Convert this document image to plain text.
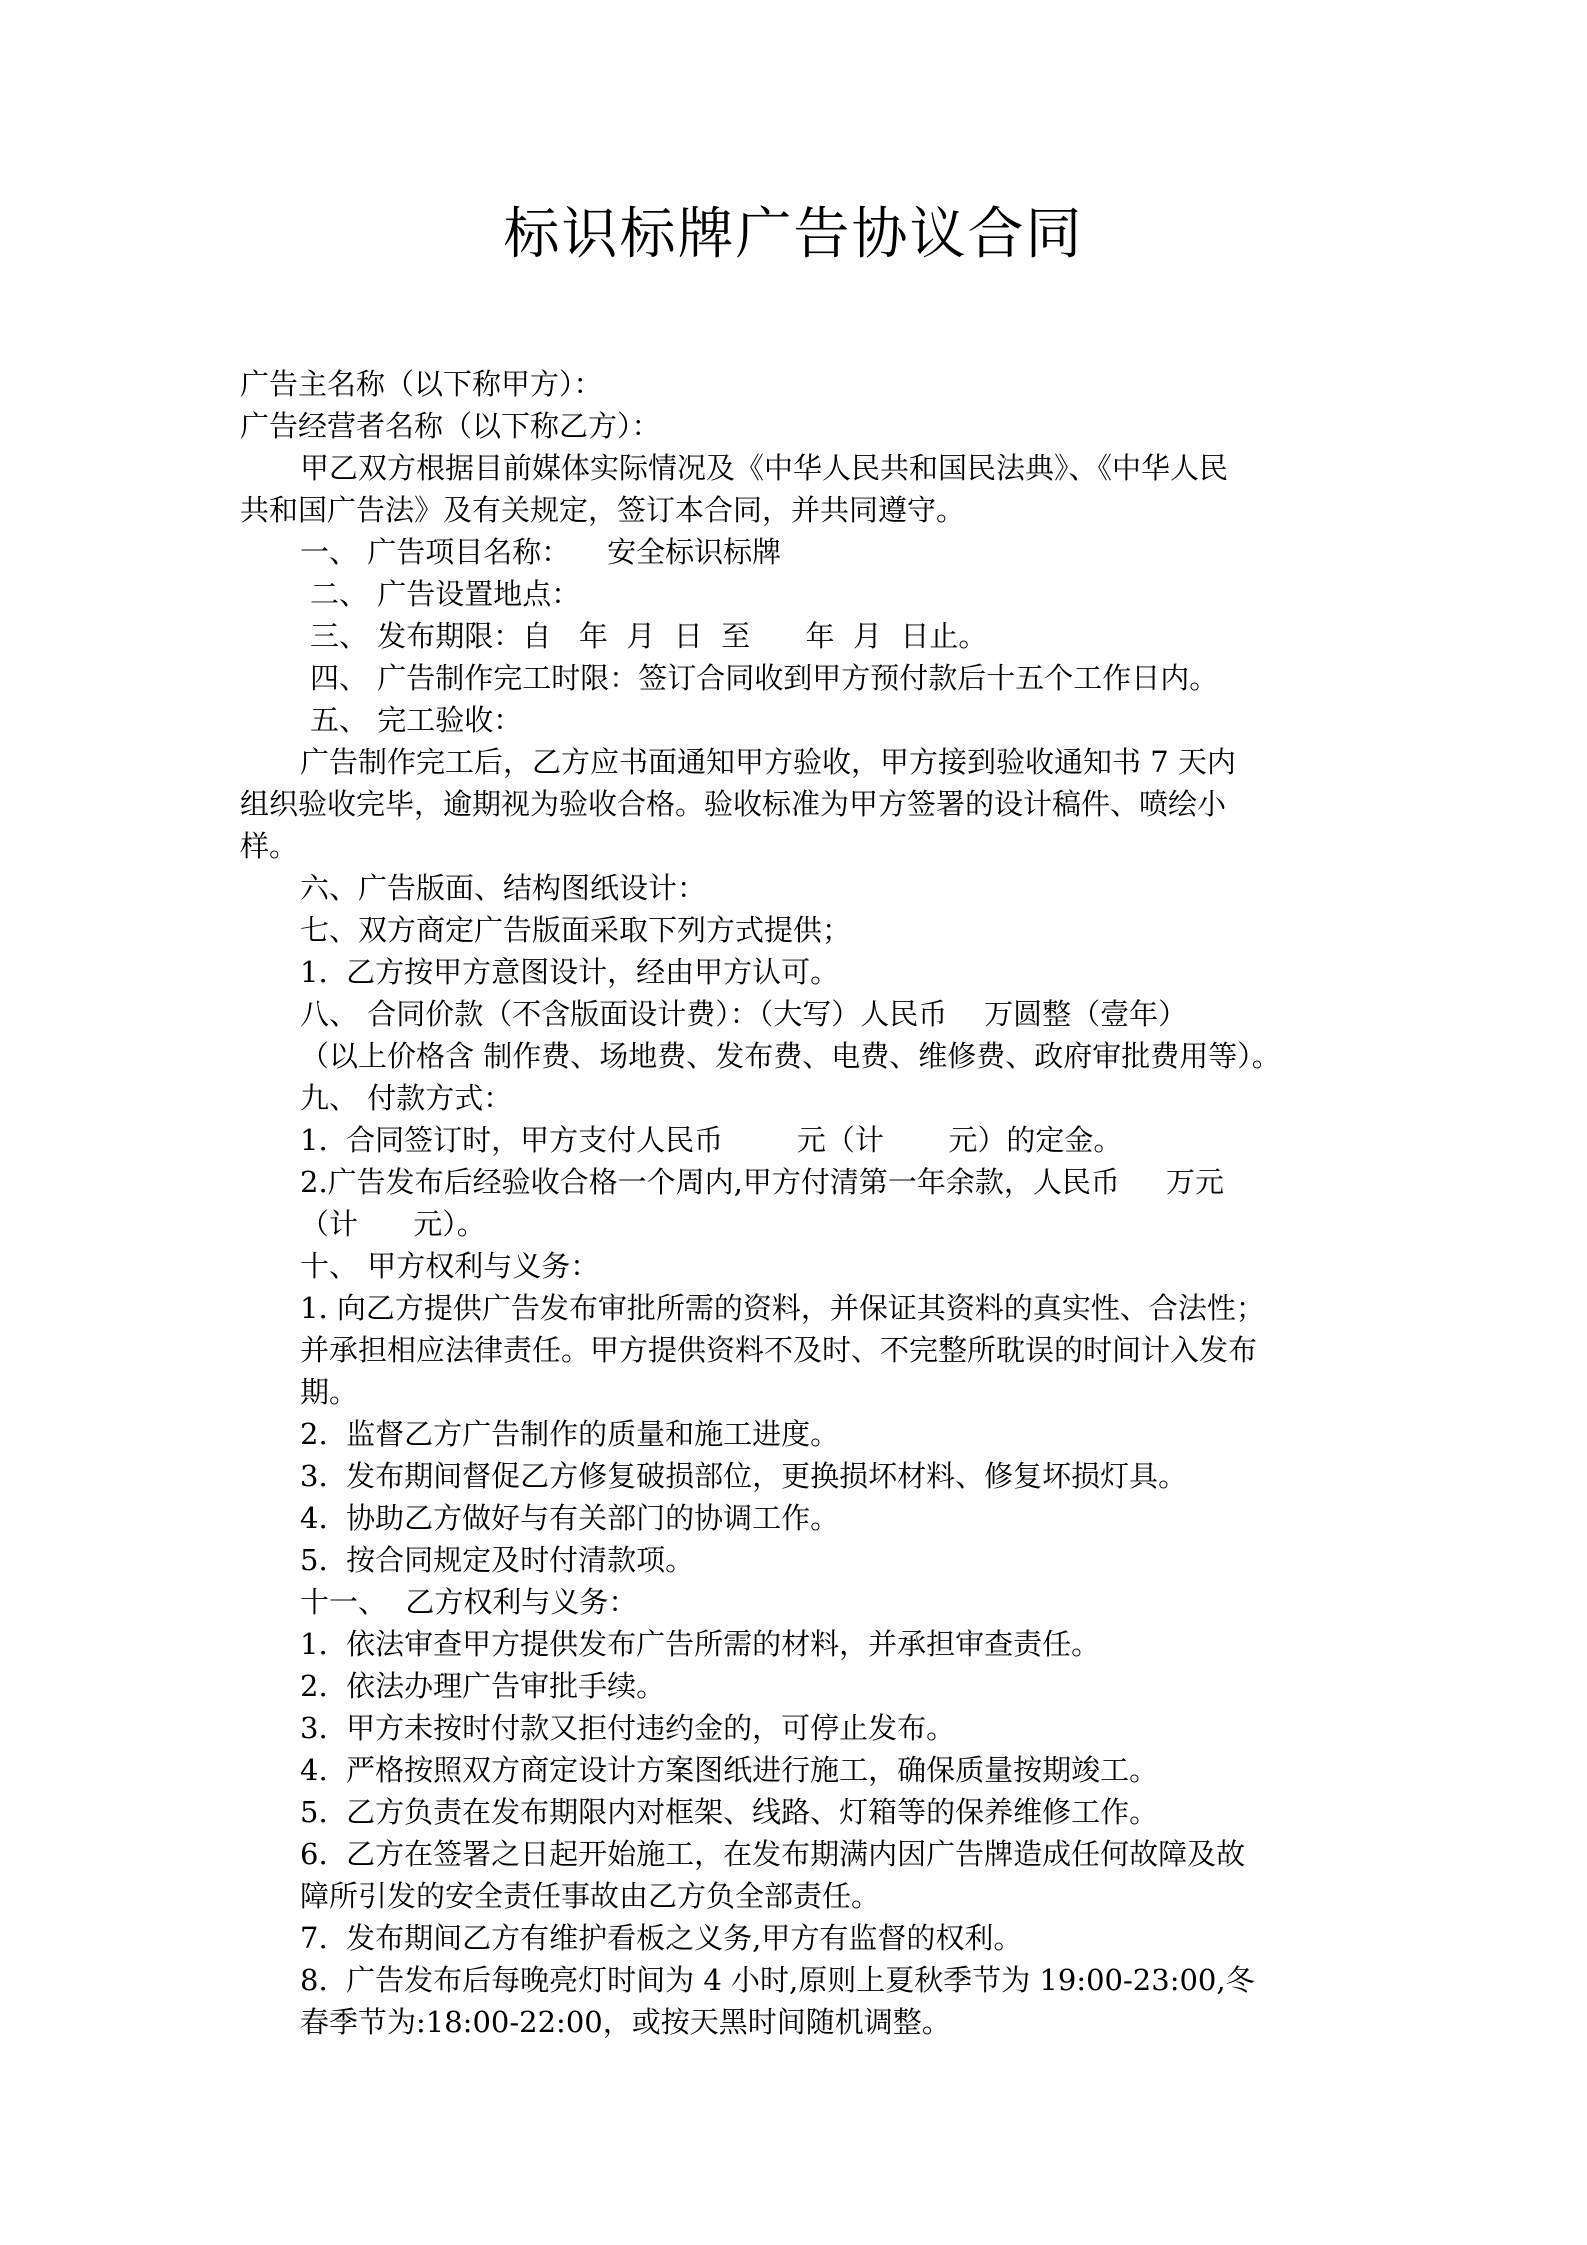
标识标牌广告协议合同

广告主名称（以下称甲方）：

广告经营者名称（以下称乙方）：

甲乙双方根据目前媒体实际情况及《中华人民共和国民法典》、《中华人民

共和国广告法》及有关规定，签订本合同，并共同遵守。

一、 广告项目名称：    安全标识标牌

二、 广告设置地点：

三、 发布期限：自   年  月  日  至      年  月  日止。

四、 广告制作完工时限：签订合同收到甲方预付款后十五个工作日内。

五、 完工验收：

广告制作完工后，乙方应书面通知甲方验收，甲方接到验收通知书 7 天内

组织验收完毕，逾期视为验收合格。验收标准为甲方签署的设计稿件、喷绘小

样。

六、广告版面、结构图纸设计：

七、双方商定广告版面采取下列方式提供；

1.  乙方按甲方意图设计，经由甲方认可。

八、 合同价款（不含版面设计费）：（大写）人民币    万圆整（壹年）

（以上价格含 制作费、场地费、发布费、电费、维修费、政府审批费用等）。

九、 付款方式：

1.  合同签订时，甲方支付人民币        元（计       元）的定金。

2.广告发布后经验收合格一个周内,甲方付清第一年余款，人民币     万元

（计      元）。

十、 甲方权利与义务：

1. 向乙方提供广告发布审批所需的资料，并保证其资料的真实性、合法性；

并承担相应法律责任。甲方提供资料不及时、不完整所耽误的时间计入发布

期。

2.  监督乙方广告制作的质量和施工进度。

3.  发布期间督促乙方修复破损部位，更换损坏材料、修复坏损灯具。

4.  协助乙方做好与有关部门的协调工作。

5.  按合同规定及时付清款项。

十一、  乙方权利与义务：

1.  依法审查甲方提供发布广告所需的材料，并承担审查责任。

2.  依法办理广告审批手续。

3.  甲方未按时付款又拒付违约金的，可停止发布。

4.  严格按照双方商定设计方案图纸进行施工，确保质量按期竣工。

5.  乙方负责在发布期限内对框架、线路、灯箱等的保养维修工作。

6.  乙方在签署之日起开始施工，在发布期满内因广告牌造成任何故障及故

障所引发的安全责任事故由乙方负全部责任。

7.  发布期间乙方有维护看板之义务,甲方有监督的权利。

8.  广告发布后每晚亮灯时间为 4 小时,原则上夏秋季节为 19:00-23:00,冬

春季节为:18:00-22:00，或按天黑时间随机调整。
